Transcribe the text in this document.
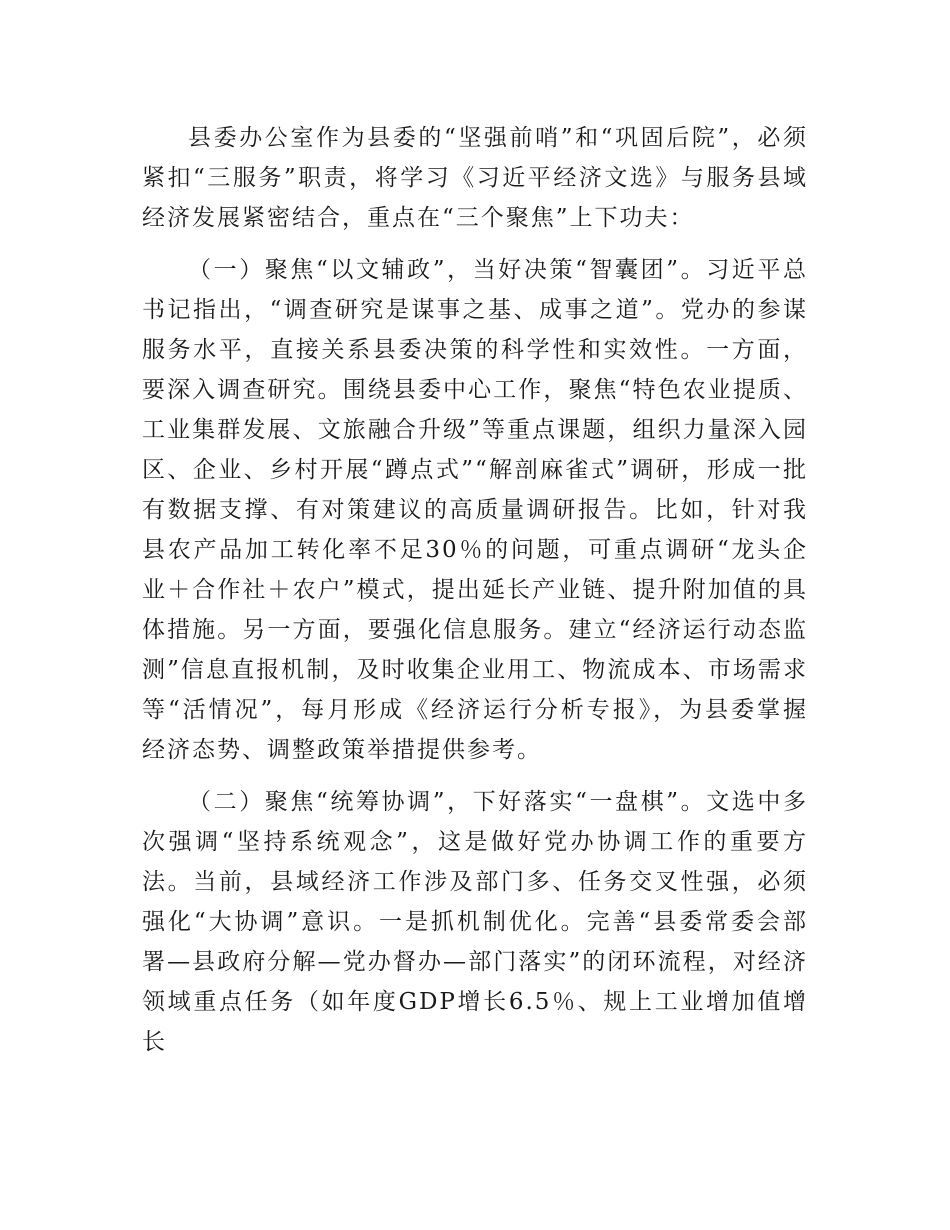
县委办公室作为县委的“坚强前哨”和“巩固后院”，必须紧扣“三服务”职责，将学习《习近平经济文选》与服务县域经济发展紧密结合，重点在“三个聚焦”上下功夫：

（一）聚焦“以文辅政”，当好决策“智囊团”。习近平总书记指出，“调查研究是谋事之基、成事之道”。党办的参谋服务水平，直接关系县委决策的科学性和实效性。一方面，要深入调查研究。围绕县委中心工作，聚焦“特色农业提质、工业集群发展、文旅融合升级”等重点课题，组织力量深入园区、企业、乡村开展“蹲点式”“解剖麻雀式”调研，形成一批有数据支撑、有对策建议的高质量调研报告。比如，针对我县农产品加工转化率不足30％的问题，可重点调研“龙头企业＋合作社＋农户”模式，提出延长产业链、提升附加值的具体措施。另一方面，要强化信息服务。建立“经济运行动态监测”信息直报机制，及时收集企业用工、物流成本、市场需求等“活情况”，每月形成《经济运行分析专报》，为县委掌握经济态势、调整政策举措提供参考。

（二）聚焦“统筹协调”，下好落实“一盘棋”。文选中多次强调“坚持系统观念”，这是做好党办协调工作的重要方法。当前，县域经济工作涉及部门多、任务交叉性强，必须强化“大协调”意识。一是抓机制优化。完善“县委常委会部署—县政府分解—党办督办—部门落实”的闭环流程，对经济领域重点任务（如年度GDP增长6.5％、规上工业增加值增长
